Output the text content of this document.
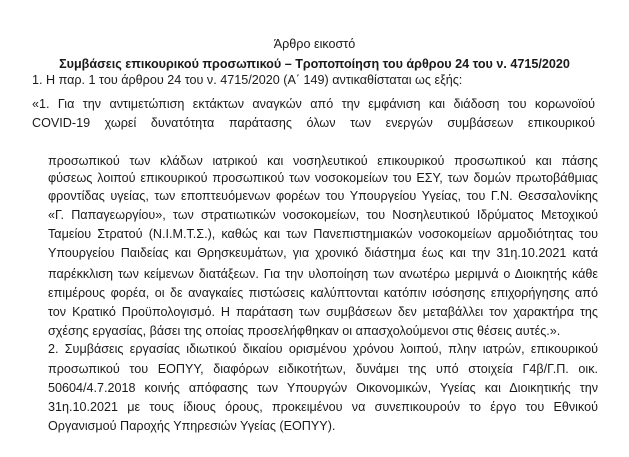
Άρθρο εικοστό
Συμβάσεις επικουρικού προσωπικού – Τροποποίηση του άρθρου 24 του ν. 4715/2020
1. Η παρ. 1 του άρθρου 24 του ν. 4715/2020 (Α΄ 149) αντικαθίσταται ως εξής:
«1. Για την αντιμετώπιση εκτάκτων αναγκών από την εμφάνιση και διάδοση του κορωνοϊού
COVID-19 χωρεί δυνατότητα παράτασης όλων των ενεργών συμβάσεων επικουρικού
προσωπικού των κλάδων ιατρικού και νοσηλευτικού επικουρικού προσωπικού και πάσης
φύσεως λοιπού επικουρικού προσωπικού των νοσοκομείων του ΕΣΥ, των δομών πρωτοβάθμιας
φροντίδας υγείας, των εποπτευόμενων φορέων του Υπουργείου Υγείας, του Γ.Ν. Θεσσαλονίκης
«Γ. Παπαγεωργίου», των στρατιωτικών νοσοκομείων, του Νοσηλευτικού Ιδρύματος Μετοχικού
Ταμείου Στρατού (Ν.Ι.Μ.Τ.Σ.), καθώς και των Πανεπιστημιακών νοσοκομείων αρμοδιότητας του
Υπουργείου Παιδείας και Θρησκευμάτων, για χρονικό διάστημα έως και την 31η.10.2021 κατά
παρέκκλιση των κείμενων διατάξεων. Για την υλοποίηση των ανωτέρω μεριμνά ο Διοικητής κάθε
επιμέρους φορέα, οι δε αναγκαίες πιστώσεις καλύπτονται κατόπιν ισόσησης επιχορήγησης από
τον Κρατικό Προϋπολογισμό. Η παράταση των συμβάσεων δεν μεταβάλλει τον χαρακτήρα της
σχέσης εργασίας, βάσει της οποίας προσελήφθηκαν οι απασχολούμενοι στις θέσεις αυτές.».
2. Συμβάσεις εργασίας ιδιωτικού δικαίου ορισμένου χρόνου λοιπού, πλην ιατρών, επικουρικού
προσωπικού του ΕΟΠΥΥ, διαφόρων ειδικοτήτων, δυνάμει της υπό στοιχεία Γ4β/Γ.Π. οικ.
50604/4.7.2018 κοινής απόφασης των Υπουργών Οικονομικών, Υγείας και Διοικητικής την
31η.10.2021 με τους ίδιους όρους, προκειμένου να συνεπικουρούν το έργο του Εθνικού
Οργανισμού Παροχής Υπηρεσιών Υγείας (ΕΟΠΥΥ).
